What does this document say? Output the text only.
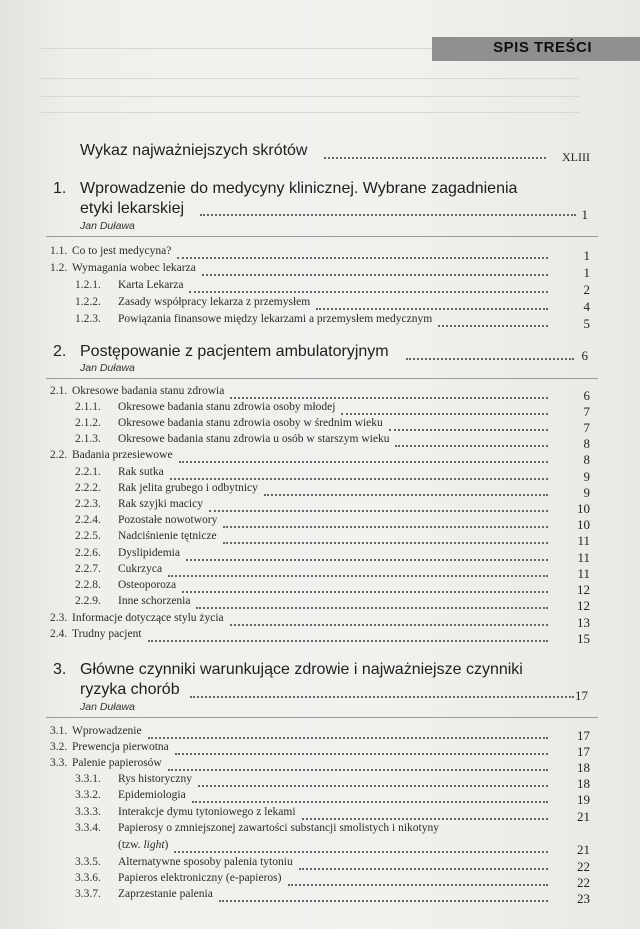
SPIS TREŚCI
Wykaz najważniejszych skrótów	XLIII
1. Wprowadzenie do medycyny klinicznej. Wybrane zagadnienia
etyki lekarskiej	1
Jan Duława
1.1. Co to jest medycyna?	1
1.2. Wymagania wobec lekarza	1
1.2.1. Karta Lekarza	2
1.2.2. Zasady współpracy lekarza z przemysłem	4
1.2.3. Powiązania finansowe między lekarzami a przemysłem medycznym	5
2. Postępowanie z pacjentem ambulatoryjnym	6
Jan Duława
2.1. Okresowe badania stanu zdrowia	6
2.1.1. Okresowe badania stanu zdrowia osoby młodej	7
2.1.2. Okresowe badania stanu zdrowia osoby w średnim wieku	7
2.1.3. Okresowe badania stanu zdrowia u osób w starszym wieku	8
2.2. Badania przesiewowe	8
2.2.1. Rak sutka	9
2.2.2. Rak jelita grubego i odbytnicy	9
2.2.3. Rak szyjki macicy	10
2.2.4. Pozostałe nowotwory	10
2.2.5. Nadciśnienie tętnicze	11
2.2.6. Dyslipidemia	11
2.2.7. Cukrzyca	11
2.2.8. Osteoporoza	12
2.2.9. Inne schorzenia	12
2.3. Informacje dotyczące stylu życia	13
2.4. Trudny pacjent	15
3. Główne czynniki warunkujące zdrowie i najważniejsze czynniki
ryzyka chorób	17
Jan Duława
3.1. Wprowadzenie	17
3.2. Prewencja pierwotna	17
3.3. Palenie papierosów	18
3.3.1. Rys historyczny	18
3.3.2. Epidemiologia	19
3.3.3. Interakcje dymu tytoniowego z lekami	21
3.3.4. Papierosy o zmniejszonej zawartości substancji smolistych i nikotyny
(tzw. light)	21
3.3.5. Alternatywne sposoby palenia tytoniu	22
3.3.6. Papieros elektroniczny (e-papieros)	22
3.3.7. Zaprzestanie palenia	23
